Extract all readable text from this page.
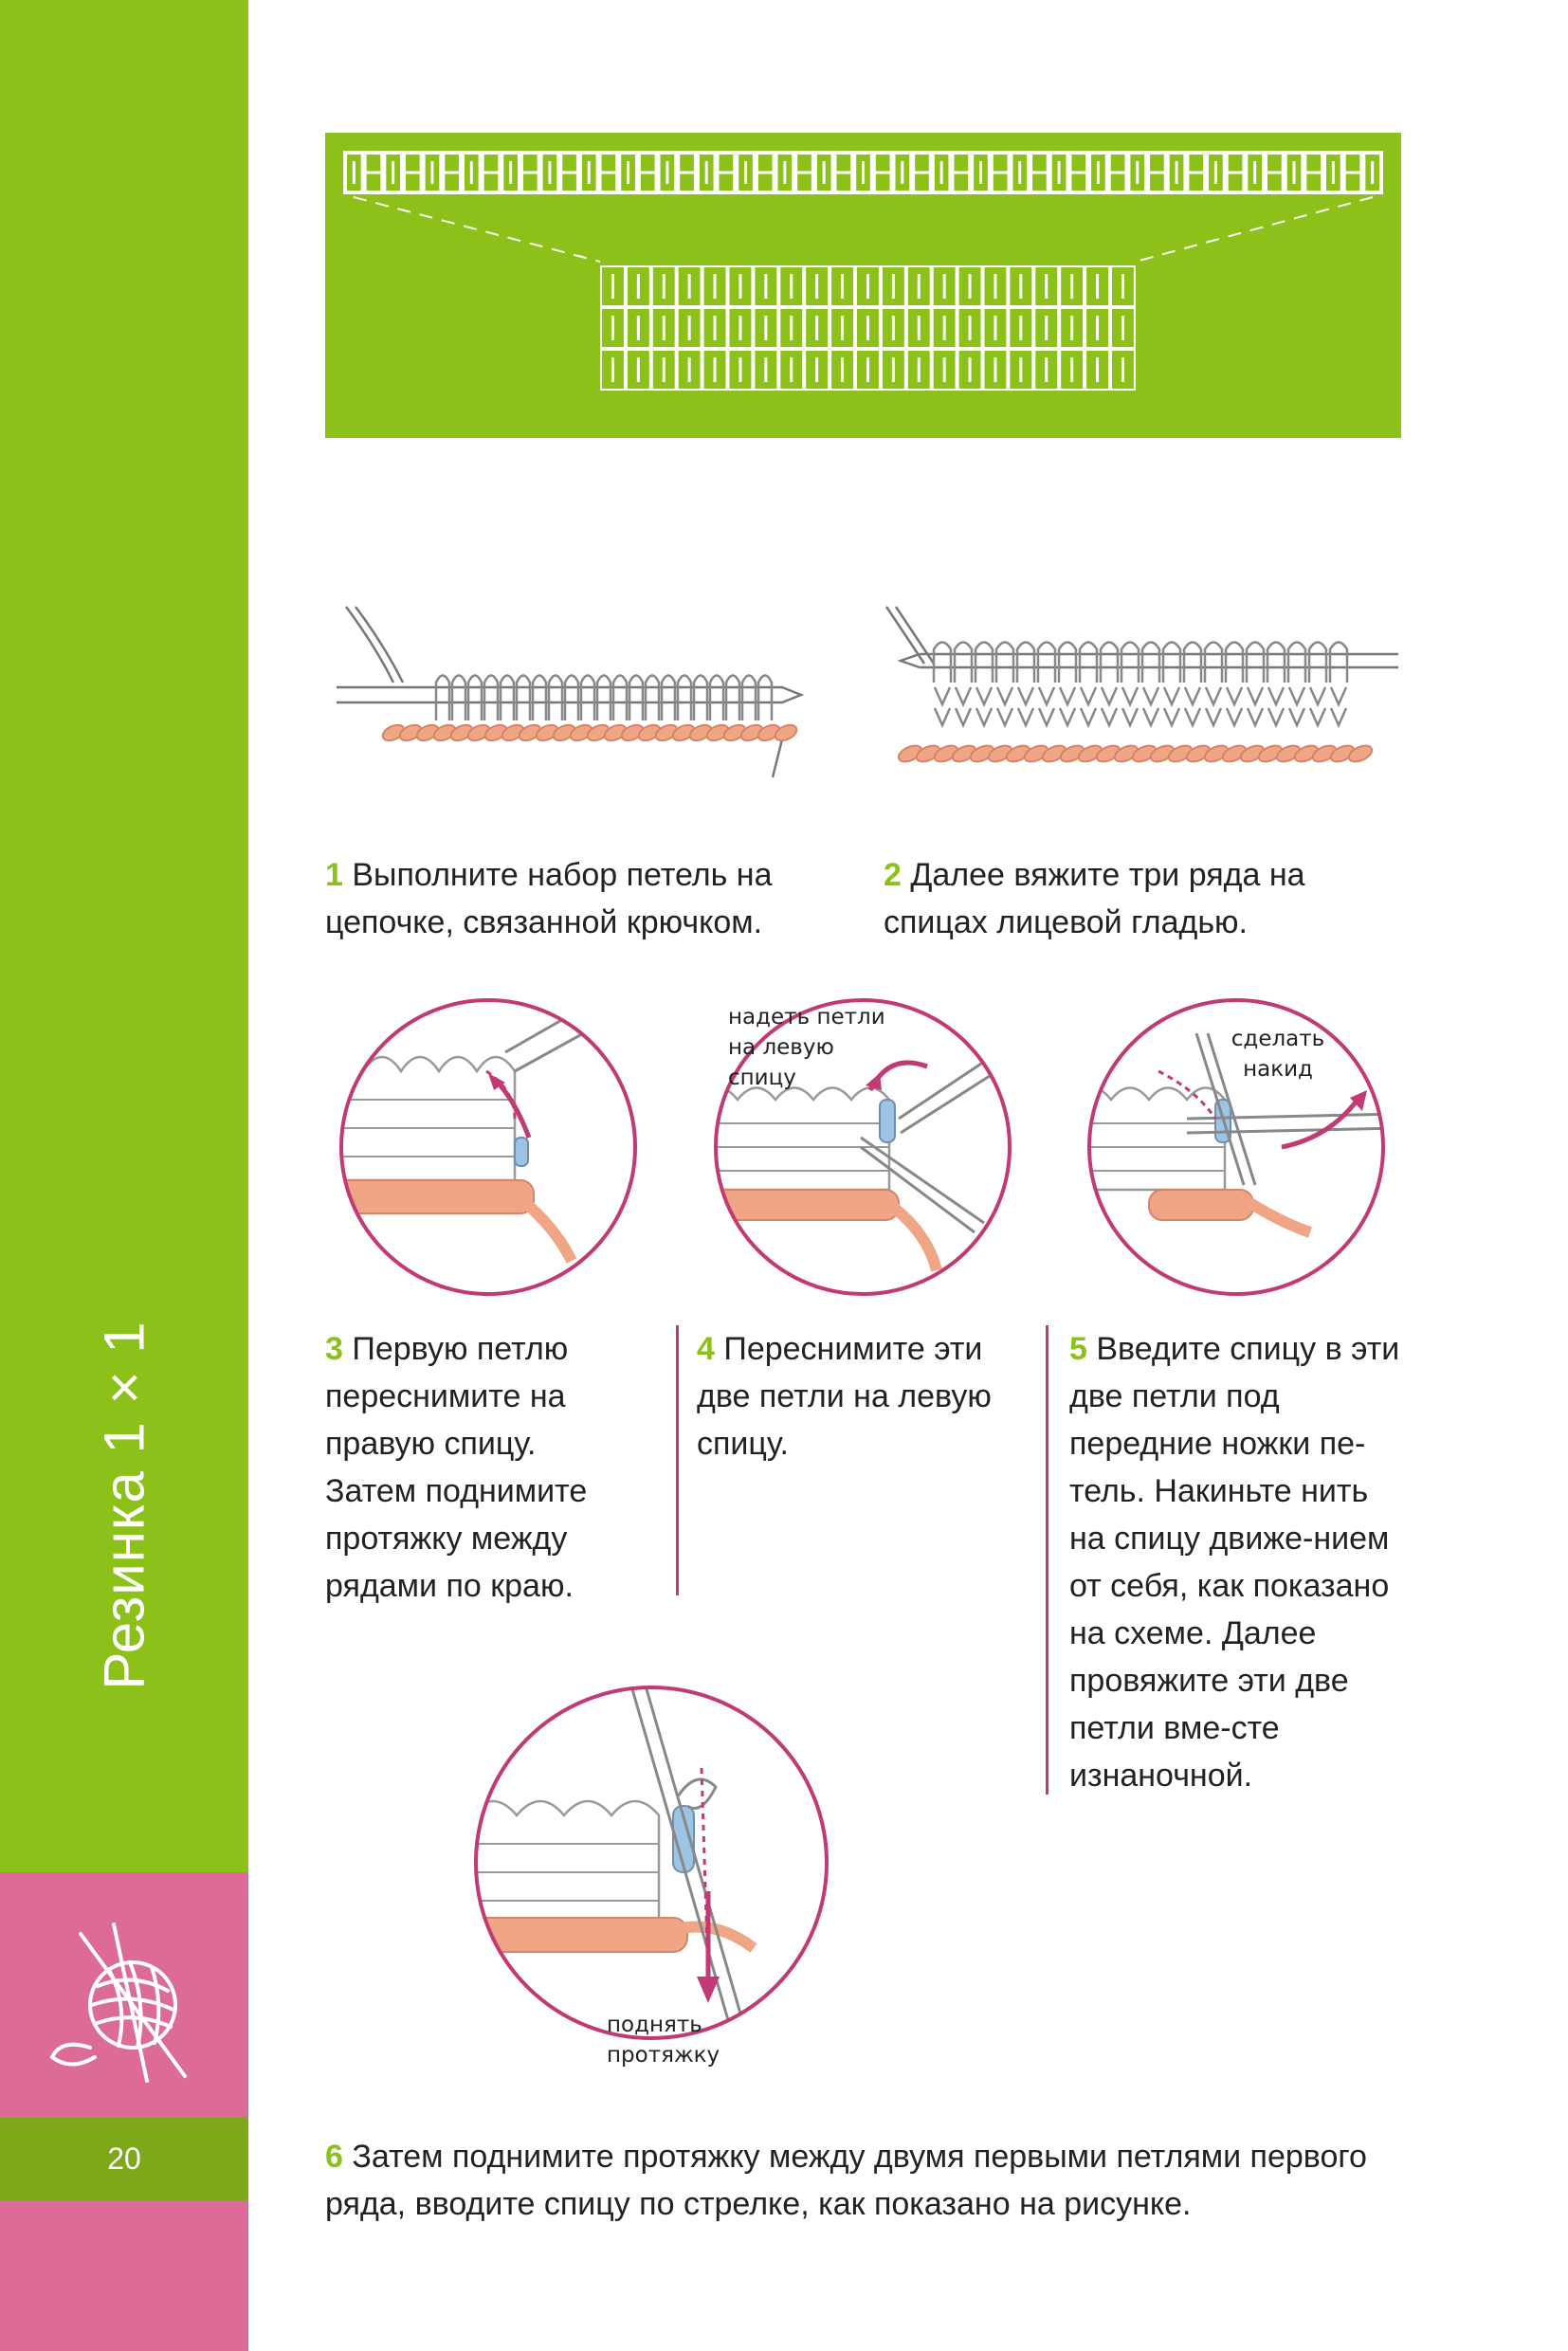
Резинка 1 × 1
20
надеть петли на левую спицу
сделать накид
поднять протяжку
1 Выполните набор петель на цепочке, связанной крючком.
2 Далее вяжите три ряда на спицах лицевой гладью.
3 Первую петлю переснимите на правую спицу. Затем поднимите протяжку между рядами по краю.
4 Переснимите эти две петли на левую спицу.
5 Введите спицу в эти две петли под передние ножки пе-тель. Накиньте нить на спицу движе-нием от себя, как показано на схеме. Далее провяжите эти две петли вме-сте изнаночной.
6 Затем поднимите протяжку между двумя первыми петлями первого ряда, вводите спицу по стрелке, как показано на рисунке.
